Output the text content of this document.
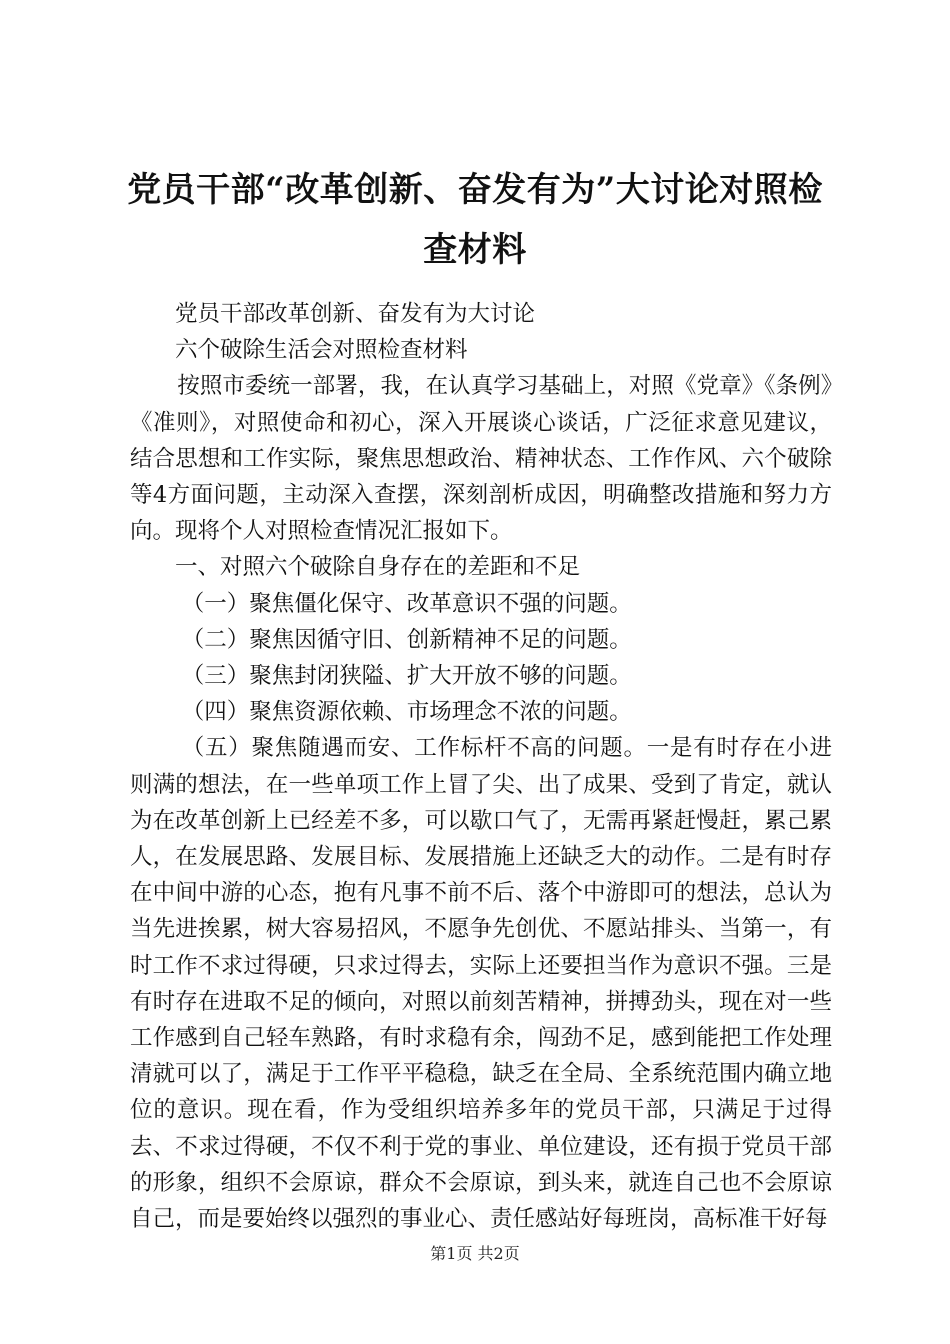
党员干部“改革创新、奋发有为”大讨论对照检查材料

党员干部改革创新、奋发有为大讨论

六个破除生活会对照检查材料

按照市委统一部署，我，在认真学习基础上，对照《党章》《条例》《准则》，对照使命和初心，深入开展谈心谈话，广泛征求意见建议，结合思想和工作实际，聚焦思想政治、精神状态、工作作风、六个破除等4方面问题，主动深入查摆，深刻剖析成因，明确整改措施和努力方向。现将个人对照检查情况汇报如下。

一、对照六个破除自身存在的差距和不足

（一）聚焦僵化保守、改革意识不强的问题。

（二）聚焦因循守旧、创新精神不足的问题。

（三）聚焦封闭狭隘、扩大开放不够的问题。

（四）聚焦资源依赖、市场理念不浓的问题。

（五）聚焦随遇而安、工作标杆不高的问题。一是有时存在小进则满的想法，在一些单项工作上冒了尖、出了成果、受到了肯定，就认为在改革创新上已经差不多，可以歇口气了，无需再紧赶慢赶，累己累人，在发展思路、发展目标、发展措施上还缺乏大的动作。二是有时存在中间中游的心态，抱有凡事不前不后、落个中游即可的想法，总认为当先进挨累，树大容易招风，不愿争先创优、不愿站排头、当第一，有时工作不求过得硬，只求过得去，实际上还要担当作为意识不强。三是有时存在进取不足的倾向，对照以前刻苦精神，拼搏劲头，现在对一些工作感到自己轻车熟路，有时求稳有余，闯劲不足，感到能把工作处理清就可以了，满足于工作平平稳稳，缺乏在全局、全系统范围内确立地位的意识。现在看，作为受组织培养多年的党员干部，只满足于过得去、不求过得硬，不仅不利于党的事业、单位建设，还有损于党员干部的形象，组织不会原谅，群众不会原谅，到头来，就连自己也不会原谅自己，而是要始终以强烈的事业心、责任感站好每班岗，高标准干好每

第1页 共2页
